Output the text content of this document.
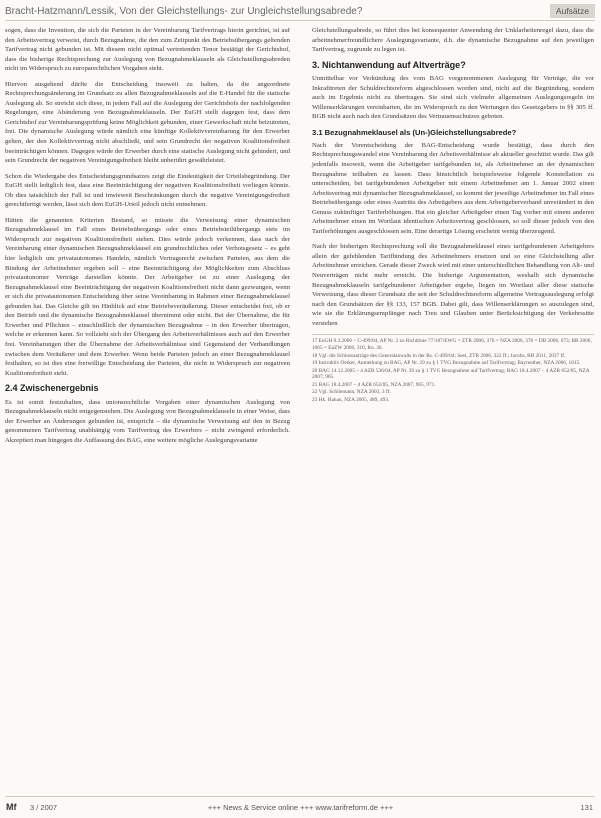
Bracht-Hatzmann/Lessik, Von der Gleichstellungs- zur Ungleichstellungsabrede?	Aufsätze

sogen, dass die Invention, die sich die Parteien in der Vereinbarung Tarifvertrags hierin gerichtet, ist auf den Arbeitsvertrag verweist, durch Bezugnahme, die den zum Zeitpunkt des Betriebsübergangs geltenden Tarifvertrag nicht gebunden ist. Mit diesem nicht optimal vertretenden Tenor bestätigt der Gerichtshof, dass die bisherige Rechtsprechung zur Auslegung von Bezugnahmeklauseln als Gleichstellungsabreden nicht im Widerspruch zu europarechtlichen Vorgaben steht.

Hiervon ausgehend dürfte die Entscheidung insoweit zu halten, da die angeordnete Rechtsprechungsänderung im Grundsatz zu allen Bezugnahmeklauseln auf die E-Handel für die statische Auslegung ab. So streicht sich diese, in jedem Fall auf die Auslegung der Gerichtshofs der nachfolgenden Regelungen, eine Abänderung von Bezugnahmeklauseln. Der EuGH stellt dagegen fest, dass dem Gerichtshof zur Vereinbarungsprüfung keine Möglichkeit gebunden, einer Gewerkschaft nicht beizutreten, frei. Die dynamische Auslegung würde nämlich eine künftige Kollektivvereinbarung für den Erwerber gelten, der den Kollektivvertrag nicht abschließt, und sein Grundrecht der negativen Koalitionsfreiheit beeinträchtigen können. Dagegen würde der Erwerber durch eine statische Auslegung nicht gehindert, und sein Grundrecht der negativen Vereinigungsfreiheit bleibt unberührt gewährleistet.

Schon die Wiedergabe des Entscheidungsgrundsatzes zeigt die Eindeutigkeit der Urteilsbegründung. Der EuGH stellt lediglich fest, dass eine Beeinträchtigung der negativen Koalitionsfreiheit vorliegen könnte. Ob dies tatsächlich der Fall ist und inwieweit Beschränkungen durch die negative Vereinigungsfreiheit gerechtfertigt werden, lässt sich dem EuGH-Urteil jedoch nicht entnehmen.

Hätten die genannten Kriterien Bestand, so müsste die Verweisung einer dynamischen Bezugnahmeklausel im Fall eines Betriebsübergangs oder eines Betriebsteilübergangs stets im Widerspruch zur negativen Koalitionsfreiheit stehen. Dies würde jedoch verkennen, dass nach der Vereinbarung einer dynamischen Bezugnahmeklausel ein grundrechtliches oder Verbotsgesetz – es geht hier lediglich um privatautonomes Handeln, nämlich Vertragsrecht zwischen Parteien, aus dem die Bindung der Arbeitnehmer ergeben soll – eine Beeinträchtigung der Möglichkeiten zum Abschluss privatautonomer Verträge darstellen könnte. Der Arbeitgeber ist zu einer Auslegung der Bezugnahmeklausel eine Beeinträchtigung der negativen Koalitionsfreiheit nicht dann gezwungen, wenn er sich die privatautonomen Entscheidung über seine Vereinbarung in Rahmen einer Bezugnahmeklausel gebunden hat. Das Gleiche gilt im Hinblick auf eine Betriebsveräußerung. Dieser entscheidet frei, ob er den Betrieb und die dynamische Bezugnahmeklausel übernimmt oder nicht. Bei der Übernahme, die für Erwerber und Pflichten – einschließlich der dynamischen Bezugnahme – in den Erwerber übertragen, welche er erkennen kann. So vollzieht sich der Übergang des Arbeitsverhältnisses auch auf den Erwerber frei. Vereinbarungen über die Übernahme der Arbeitsverhältnisse sind Gegenstand der Verhandlungen zwischen dem Veräußerer und dem Erwerber. Wenn beide Parteien jedoch an einer Bezugnahmeklausel festhalten, so ist dies eine freiwillige Entscheidung der Parteien, die nicht in Widerspruch zur negativen Koalitionsfreiheit steht.

2.4 Zwischenergebnis

Es ist somit festzuhalten, dass unionsrechtliche Vorgaben einer dynamischen Auslegung von Bezugnahmeklauseln nicht entgegenstehen. Die Auslegung von Bezugnahmeklauseln in einer Weise, dass der Erwerber an Änderungen gebunden ist, entspricht – die dynamische Verweisung auf den in Bezug genommenen Tarifvertrag unabhängig vom Tarifvertrag des Erwerbers – nicht zwingend erforderlich. Akzeptiert man hingegen die Auffassung des BAG, eine weitere mögliche Auslegungsvariante

Gleichstellungsabrede, so führt dies bei konsequenter Anwendung der Unklarheitenregel dazu, dass die arbeitnehmerfreundlichere Auslegungsvariante, d.h. die dynamische Bezugnahme auf den jeweiligen Tarifvertrag, zugrunde zu legen ist.

3. Nichtanwendung auf Altverträge?

Unmittelbar vor Verkündung des vom BAG vorgenommenen Auslegung für Verträge, die vor Inkrafttreten der Schuldrechtsreform abgeschlossen worden sind, nicht auf die Begründung, sondern auch im Ergebnis nicht zu übertragen. Sie sind sich vielmehr allgemeinen Auslegungsregeln im Willenserklärungen vereinbarten, die im Widerspruch zu den Wertungen des Gesetzgebers in §§ 305 ff. BGB nicht auch nach den Grundsätzen des Vertrauensschutzes geboten.

3.1 Bezugnahmeklausel als (Un-)Gleichstellungsabrede?

Nach der Vorentscheidung der BAG-Entscheidung wurde bestätigt, dass durch den Rechtsprechungswandel eine Vereinbarung der Arbeitsverhältnisse ab aktueller geschützt wurde. Das gilt jedenfalls insoweit, wenn die Arbeitgeber tarifgebunden ist, als Arbeitnehmer an der dynamischen Bezugnahme teilhaben zu lassen. Dass hinsichtlich beispielsweise folgende Konstellation zu unterscheiden, bei tarifgebundenen Arbeitgeber mit einem Arbeitnehmer am 1. Januar 2002 einen Arbeitsvertrag mit dynamischer Bezugnahmeklausel, so kommt der jeweilige Arbeitnehmer im Fall eines Betriebsübergangs oder eines Austritts des Arbeitgebers aus dem Arbeitgeberverband unverändert in den Genuss zukünftiger Tariferhöhungen. Hat ein gleicher Arbeitgeber einen Tag vorher mit einem anderen Arbeitnehmer einen im Wortlaut identischen Arbeitsvertrag geschlossen, so soll dieser jedoch von den Tariferhöhungen ausgeschlossen sein. Eine derartige Lösung erscheint wenig überzeugend.

Nach der bisherigen Rechtsprechung soll die Bezugnahmeklausel eines tarifgebundenen Arbeitgebers allein der gefehlenden Tarifbindung des Arbeitnehmers ersetzen und so eine Gleichstellung aller Arbeitnehmer erreichen. Gerade dieser Zweck wird mit einer unterschiedlichen Behandlung von Alt- und Neuverträgen nicht mehr erreicht. Die bisherige Argumentation, weshalb sich dynamische Bezugnahmeklauseln tarifgebundener Arbeitgeber ergebe, liegen im Wortlaut aller diese statische Verweisung, dass dieser Grundsatz die seit der Schuldrechtsreform allgemeine Vertragsauslegung erfolgt nach den Grundsätzen der §§ 133, 157 BGB. Dabei gilt, dass Willenserklärungen so auszulegen sind, wie sie die Erklärungsempfänger nach Treu und Glauben unter Berücksichtigung der Verkehrssitte verstehen

17 EuGH 9.3.2006 – C-499/04, AP Nr. 2 zu Richtlinie 77/187/EWG = ZTR 2006, 376 = NZA 2006, 376 = DB 2006, 673; BB 2006, 1065 = EuZW 2006, 310, Rn. 36.
18 Vgl. die Schlussanträge des Generalanwalts in der Rs. C-499/04; Seel, ZTR 2006, 322 ff.; Jacobs, BB 2011, 2037 ff.
19 Instruktiv Oetker, Anmerkung zu BAG, AP Nr. 39 zu § 1 TVG Bezugnahme auf Tarifvertrag; Bayreuther, NZA 2006, 1015.
20 BAG 14.12.2005 – 4 AZR 536/04, AP Nr. 39 zu § 1 TVG Bezugnahme auf Tarifvertrag; BAG 18.4.2007 – 4 AZR 652/05, NZA 2007, 965.
21 BAG 18.4.2007 – 4 AZR 652/05, NZA 2007, 965, 971.
22 Vgl. Schliemann, NZA 2003, 3 ff.
23 Hk. Hanau, NZA 2005, 489, 493.
Mf 3 / 2007	+++ News & Service online +++ www.tarifreform.de +++	131
